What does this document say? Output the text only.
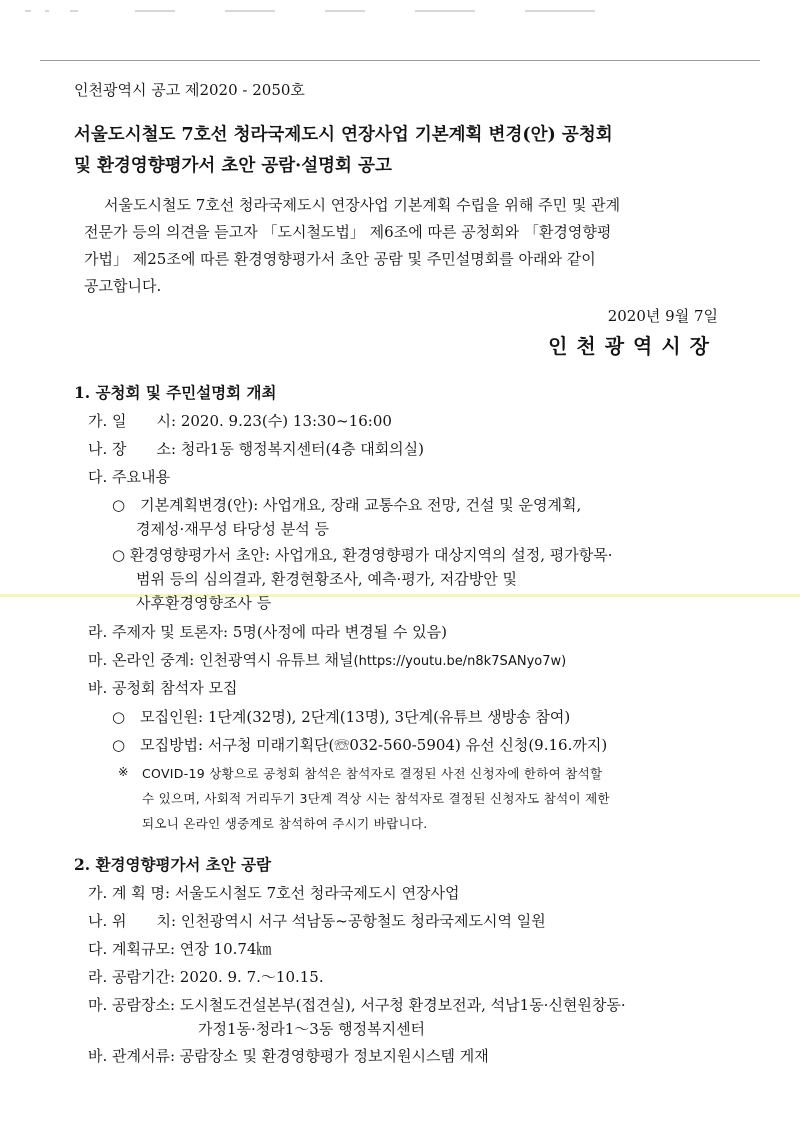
인천광역시 공고 제2020 - 2050호
서울도시철도 7호선 청라국제도시 연장사업 기본계획 변경(안) 공청회
및 환경영향평가서 초안 공람·설명회 공고
서울도시철도 7호선 청라국제도시 연장사업 기본계획 수립을 위해 주민 및 관계
전문가 등의 의견을 듣고자 「도시철도법」 제6조에 따른 공청회와 「환경영향평
가법」 제25조에 따른 환경영향평가서 초안 공람 및 주민설명회를 아래와 같이
공고합니다.
2020년 9월 7일
인천광역시장
1. 공청회 및 주민설명회 개최
가. 일　　시: 2020. 9.23(수) 13:30~16:00
나. 장　　소: 청라1동 행정복지센터(4층 대회의실)
다. 주요내용
○　기본계획변경(안): 사업개요, 장래 교통수요 전망, 건설 및 운영계획,
경제성·재무성 타당성 분석 등
○ 환경영향평가서 초안: 사업개요, 환경영향평가 대상지역의 설정, 평가항목·
범위 등의 심의결과, 환경현황조사, 예측·평가, 저감방안 및
사후환경영향조사 등
라. 주제자 및 토론자: 5명(사정에 따라 변경될 수 있음)
마. 온라인 중계: 인천광역시 유튜브 채널(https://youtu.be/n8k7SANyo7w)
바. 공청회 참석자 모집
○　모집인원: 1단계(32명), 2단계(13명), 3단계(유튜브 생방송 참여)
○　모집방법: 서구청 미래기획단(☏032-560-5904) 유선 신청(9.16.까지)
※ COVID-19 상황으로 공청회 참석은 참석자로 결정된 사전 신청자에 한하여 참석할
수 있으며, 사회적 거리두기 3단계 격상 시는 참석자로 결정된 신청자도 참석이 제한
되오니 온라인 생중계로 참석하여 주시기 바랍니다.
2. 환경영향평가서 초안 공람
가. 계 획 명: 서울도시철도 7호선 청라국제도시 연장사업
나. 위　　치: 인천광역시 서구 석남동~공항철도 청라국제도시역 일원
다. 계획규모: 연장 10.74㎞
라. 공람기간: 2020. 9. 7.～10.15.
마. 공람장소: 도시철도건설본부(접견실), 서구청 환경보전과, 석남1동·신현원창동·
가정1동·청라1～3동 행정복지센터
바. 관계서류: 공람장소 및 환경영향평가 정보지원시스템 게재
